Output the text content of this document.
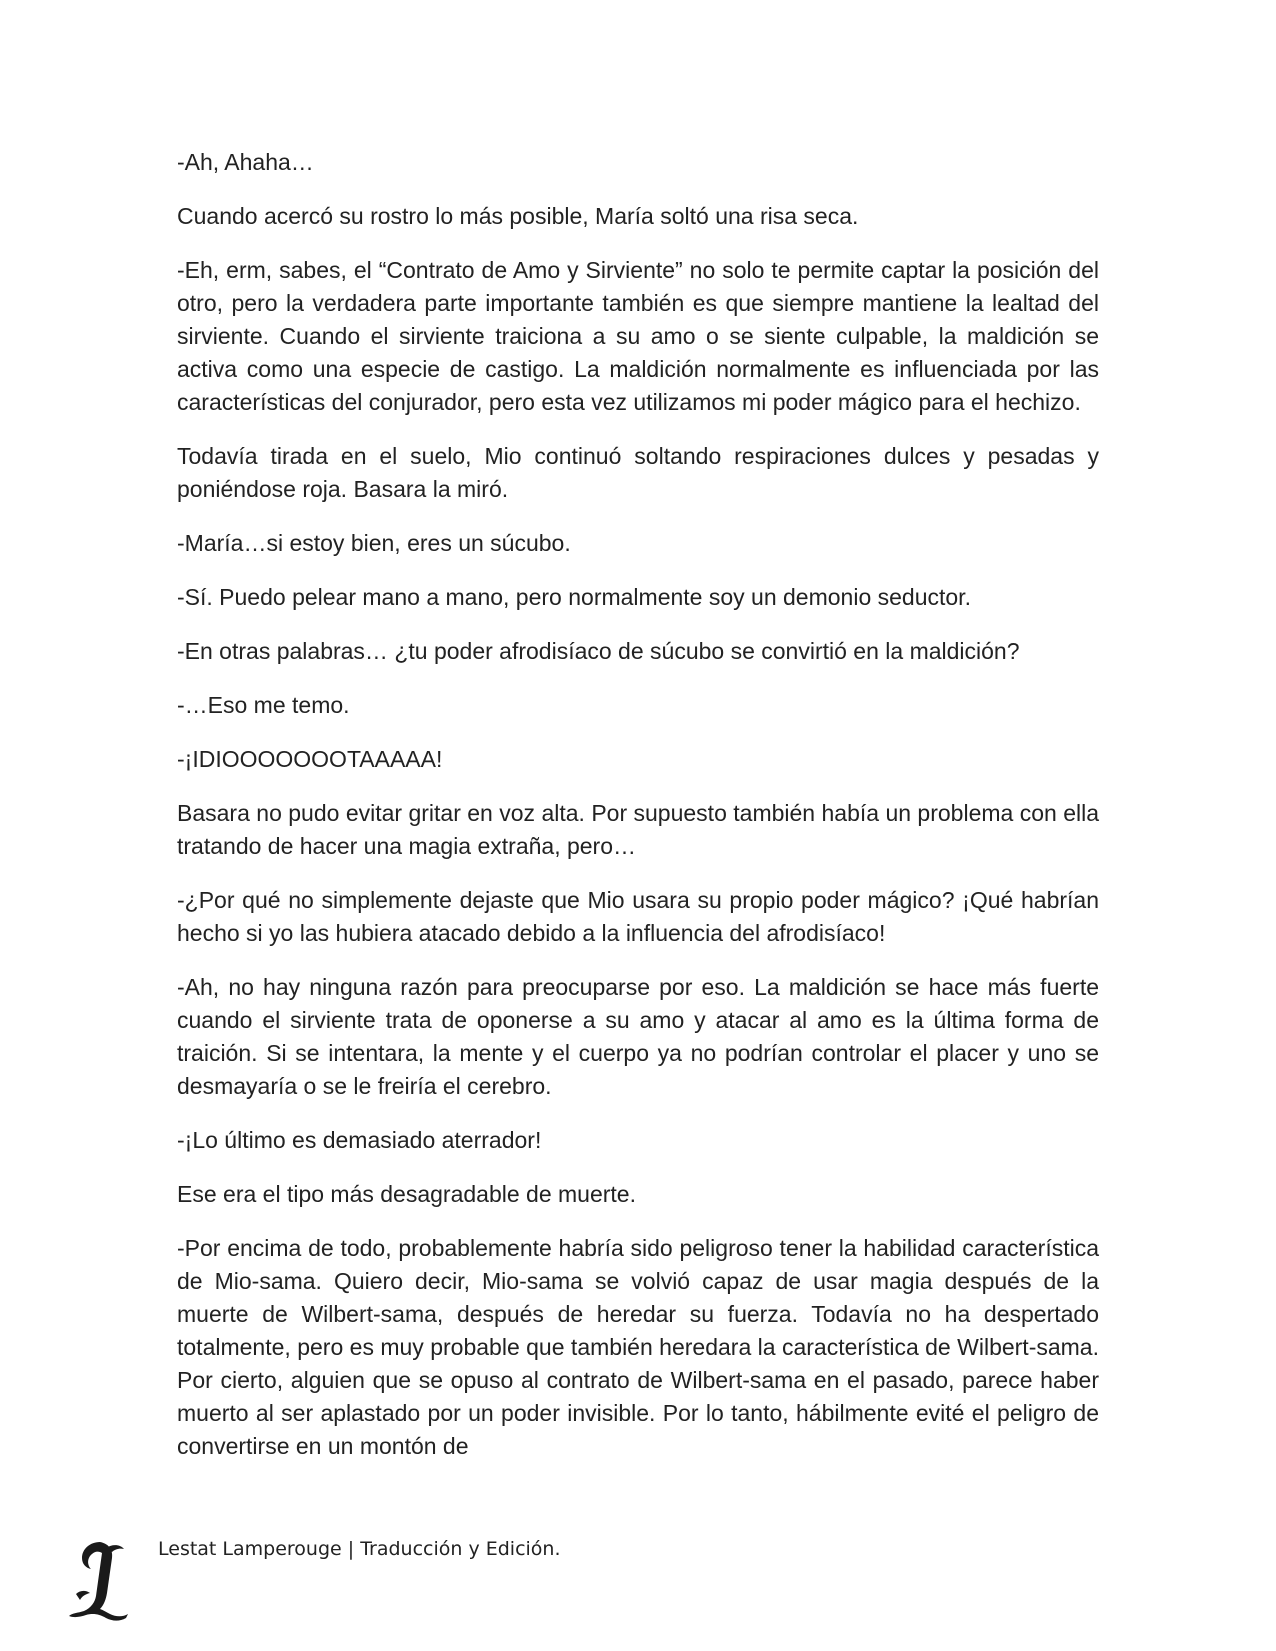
-Ah, Ahaha…

Cuando acercó su rostro lo más posible, María soltó una risa seca.

-Eh, erm, sabes, el “Contrato de Amo y Sirviente” no solo te permite captar la posición del otro, pero la verdadera parte importante también es que siempre mantiene la lealtad del sirviente. Cuando el sirviente traiciona a su amo o se siente culpable, la maldición se activa como una especie de castigo. La maldición normalmente es influenciada por las características del conjurador, pero esta vez utilizamos mi poder mágico para el hechizo.

Todavía tirada en el suelo, Mio continuó soltando respiraciones dulces y pesadas y poniéndose roja. Basara la miró.

-María…si estoy bien, eres un súcubo.

-Sí. Puedo pelear mano a mano, pero normalmente soy un demonio seductor.

-En otras palabras… ¿tu poder afrodisíaco de súcubo se convirtió en la maldición?

-…Eso me temo.

-¡IDIOOOOOOOTAAAAA!

Basara no pudo evitar gritar en voz alta. Por supuesto también había un problema con ella tratando de hacer una magia extraña, pero…

-¿Por qué no simplemente dejaste que Mio usara su propio poder mágico? ¡Qué habrían hecho si yo las hubiera atacado debido a la influencia del afrodisíaco!

-Ah, no hay ninguna razón para preocuparse por eso. La maldición se hace más fuerte cuando el sirviente trata de oponerse a su amo y atacar al amo es la última forma de traición. Si se intentara, la mente y el cuerpo ya no podrían controlar el placer y uno se desmayaría o se le freiría el cerebro.

-¡Lo último es demasiado aterrador!

Ese era el tipo más desagradable de muerte.

-Por encima de todo, probablemente habría sido peligroso tener la habilidad característica de Mio-sama. Quiero decir, Mio-sama se volvió capaz de usar magia después de la muerte de Wilbert-sama, después de heredar su fuerza. Todavía no ha despertado totalmente, pero es muy probable que también heredara la característica de Wilbert-sama. Por cierto, alguien que se opuso al contrato de Wilbert-sama en el pasado, parece haber muerto al ser aplastado por un poder invisible. Por lo tanto, hábilmente evité el peligro de convertirse en un montón de

Lestat Lamperouge | Traducción y Edición.
